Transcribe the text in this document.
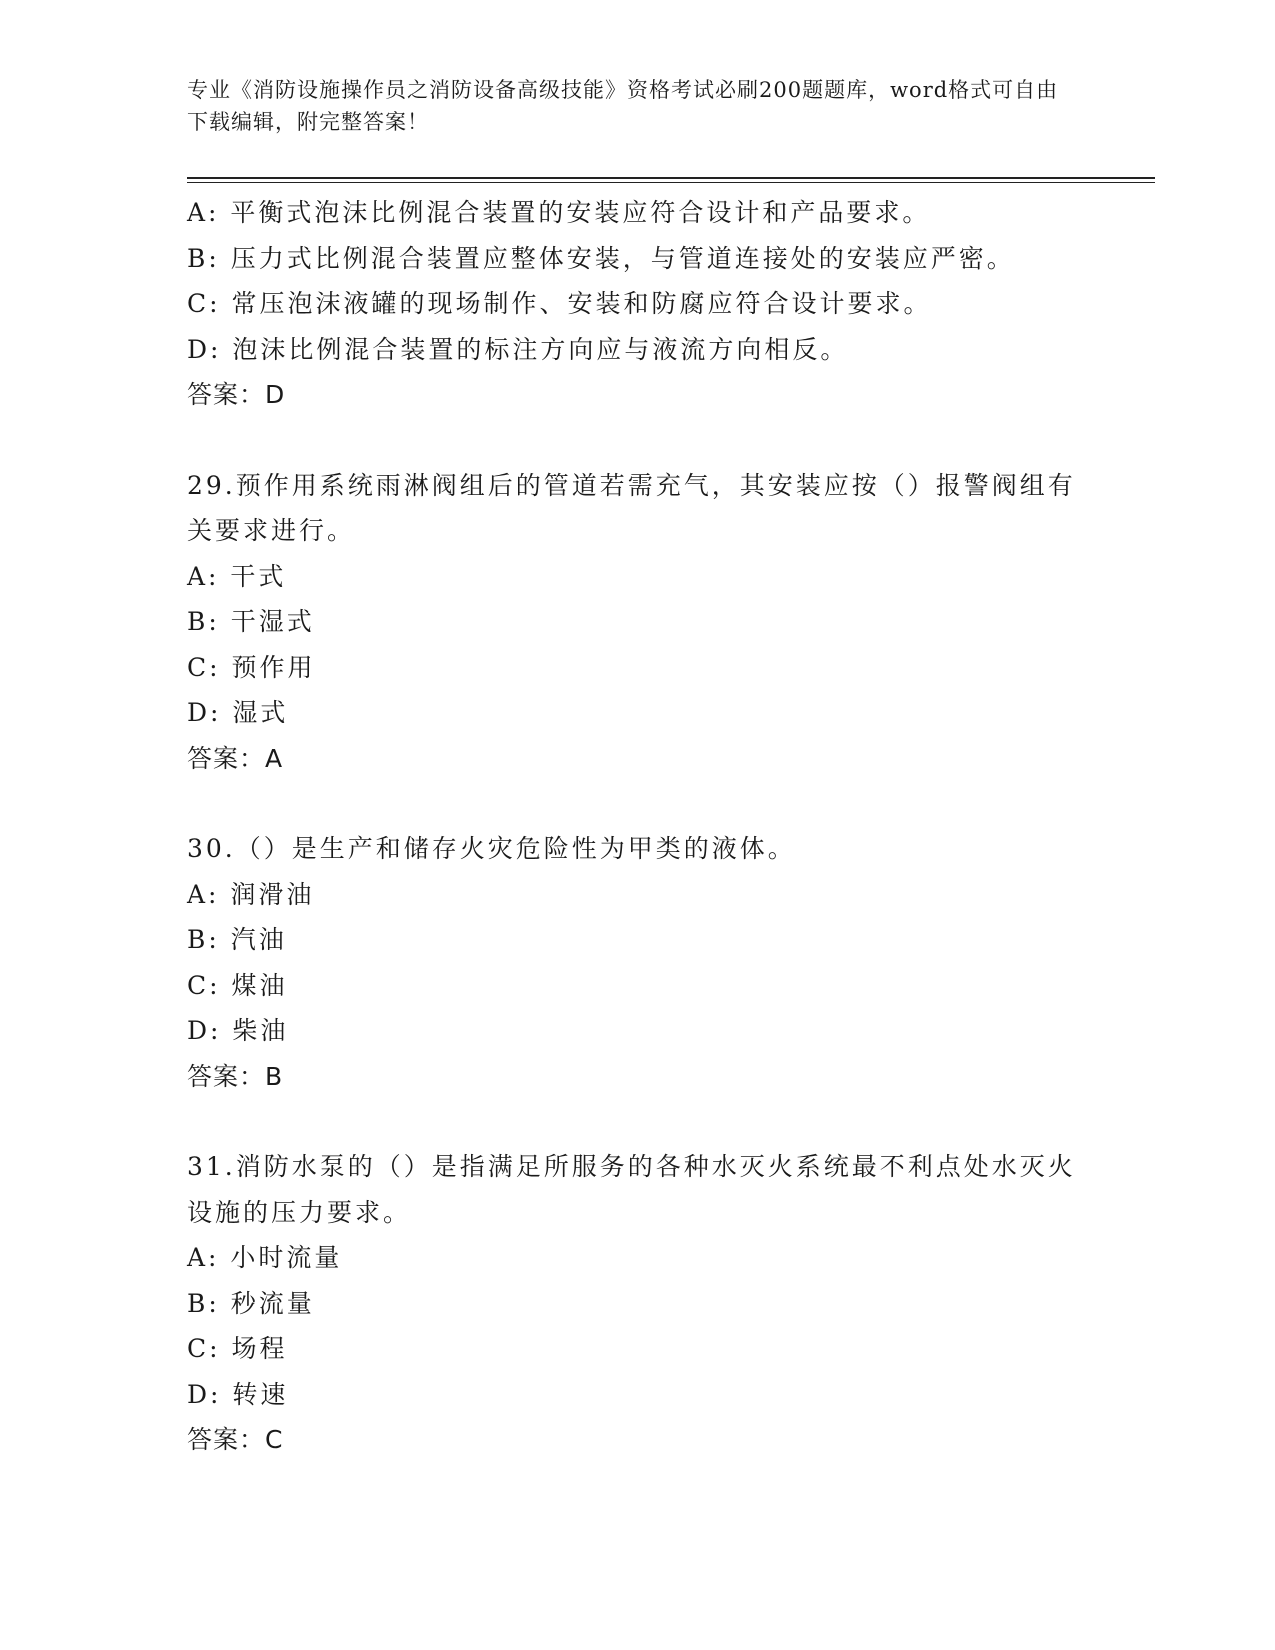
专业《消防设施操作员之消防设备高级技能》资格考试必刷200题题库，word格式可自由下载编辑，附完整答案！
A: 平衡式泡沫比例混合装置的安装应符合设计和产品要求。
B: 压力式比例混合装置应整体安装，与管道连接处的安装应严密。
C: 常压泡沫液罐的现场制作、安装和防腐应符合设计要求。
D: 泡沫比例混合装置的标注方向应与液流方向相反。
答案：D
29.预作用系统雨淋阀组后的管道若需充气，其安装应按（）报警阀组有关要求进行。
A: 干式
B: 干湿式
C: 预作用
D: 湿式
答案：A
30.（）是生产和储存火灾危险性为甲类的液体。
A: 润滑油
B: 汽油
C: 煤油
D: 柴油
答案：B
31.消防水泵的（）是指满足所服务的各种水灭火系统最不利点处水灭火设施的压力要求。
A: 小时流量
B: 秒流量
C: 场程
D: 转速
答案：C
